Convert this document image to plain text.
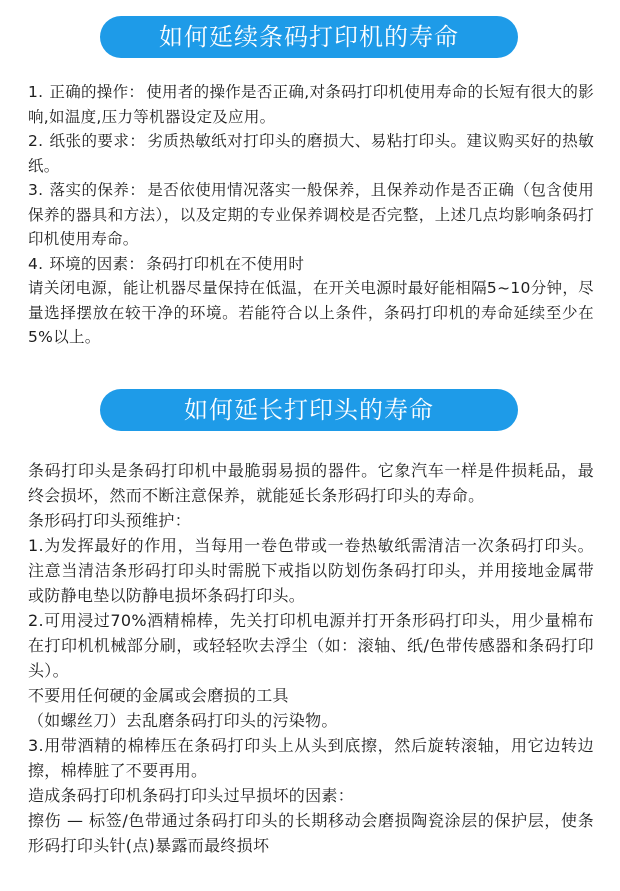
如何延续条码打印机的寿命

1. 正确的操作： 使用者的操作是否正确,对条码打印机使用寿命的长短有很大的影响,如温度,压力等机器设定及应用。

2. 纸张的要求： 劣质热敏纸对打印头的磨损大、易粘打印头。建议购买好的热敏纸。

3. 落实的保养： 是否依使用情况落实一般保养，且保养动作是否正确（包含使用保养的器具和方法），以及定期的专业保养调校是否完整，上述几点均影响条码打印机使用寿命。

4. 环境的因素： 条码打印机在不使用时

请关闭电源，能让机器尽量保持在低温，在开关电源时最好能相隔5~10分钟，尽量选择摆放在较干净的环境。若能符合以上条件，条码打印机的寿命延续至少在5%以上。

如何延长打印头的寿命

条码打印头是条码打印机中最脆弱易损的器件。它象汽车一样是件损耗品，最终会损坏，然而不断注意保养，就能延长条形码打印头的寿命。

条形码打印头预维护：

1.为发挥最好的作用，当每用一卷色带或一卷热敏纸需清洁一次条码打印头。注意当清洁条形码打印头时需脱下戒指以防划伤条码打印头，并用接地金属带或防静电垫以防静电损坏条码打印头。

2.可用浸过70%酒精棉棒，先关打印机电源并打开条形码打印头，用少量棉布在打印机机械部分刷，或轻轻吹去浮尘（如：滚轴、纸/色带传感器和条码打印头）。

不要用任何硬的金属或会磨损的工具

（如螺丝刀）去乱磨条码打印头的污染物。

3.用带酒精的棉棒压在条码打印头上从头到底擦，然后旋转滚轴，用它边转边擦，棉棒脏了不要再用。

造成条码打印机条码打印头过早损坏的因素：

擦伤 — 标签/色带通过条码打印头的长期移动会磨损陶瓷涂层的保护层，使条形码打印头针(点)暴露而最终损坏
